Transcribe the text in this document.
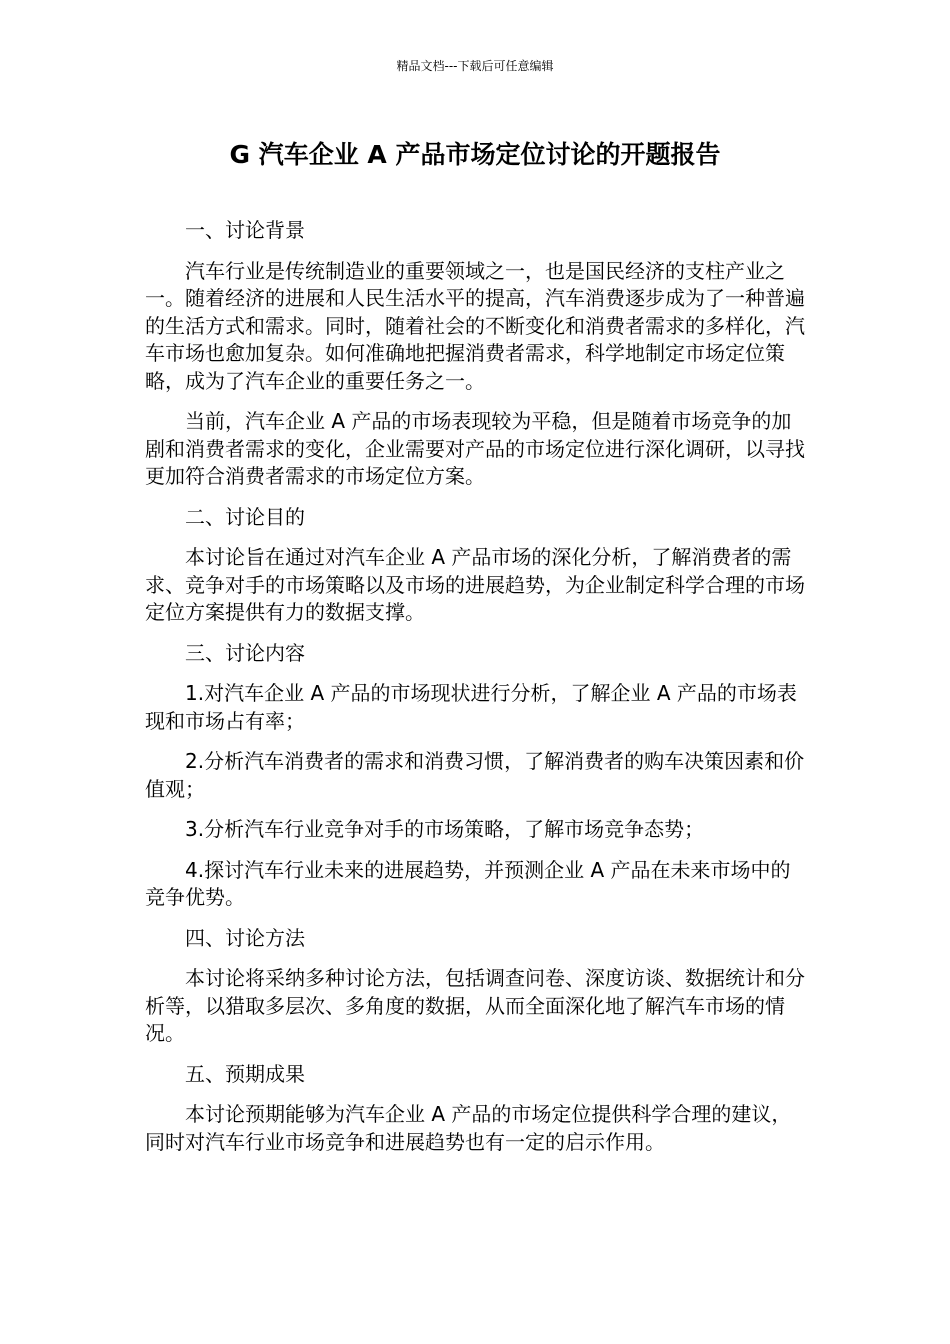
精品文档---下载后可任意编辑
G 汽车企业 A 产品市场定位讨论的开题报告
一、讨论背景

汽车行业是传统制造业的重要领域之一，也是国民经济的支柱产业之一。随着经济的进展和人民生活水平的提高，汽车消费逐步成为了一种普遍的生活方式和需求。同时，随着社会的不断变化和消费者需求的多样化，汽车市场也愈加复杂。如何准确地把握消费者需求，科学地制定市场定位策略，成为了汽车企业的重要任务之一。

当前，汽车企业 A 产品的市场表现较为平稳，但是随着市场竞争的加剧和消费者需求的变化，企业需要对产品的市场定位进行深化调研，以寻找更加符合消费者需求的市场定位方案。

二、讨论目的

本讨论旨在通过对汽车企业 A 产品市场的深化分析，了解消费者的需求、竞争对手的市场策略以及市场的进展趋势，为企业制定科学合理的市场定位方案提供有力的数据支撑。

三、讨论内容

1.对汽车企业 A 产品的市场现状进行分析，了解企业 A 产品的市场表现和市场占有率；

2.分析汽车消费者的需求和消费习惯，了解消费者的购车决策因素和价值观；

3.分析汽车行业竞争对手的市场策略，了解市场竞争态势；

4.探讨汽车行业未来的进展趋势，并预测企业 A 产品在未来市场中的竞争优势。

四、讨论方法

本讨论将采纳多种讨论方法，包括调查问卷、深度访谈、数据统计和分析等，以猎取多层次、多角度的数据，从而全面深化地了解汽车市场的情况。

五、预期成果

本讨论预期能够为汽车企业 A 产品的市场定位提供科学合理的建议，同时对汽车行业市场竞争和进展趋势也有一定的启示作用。
